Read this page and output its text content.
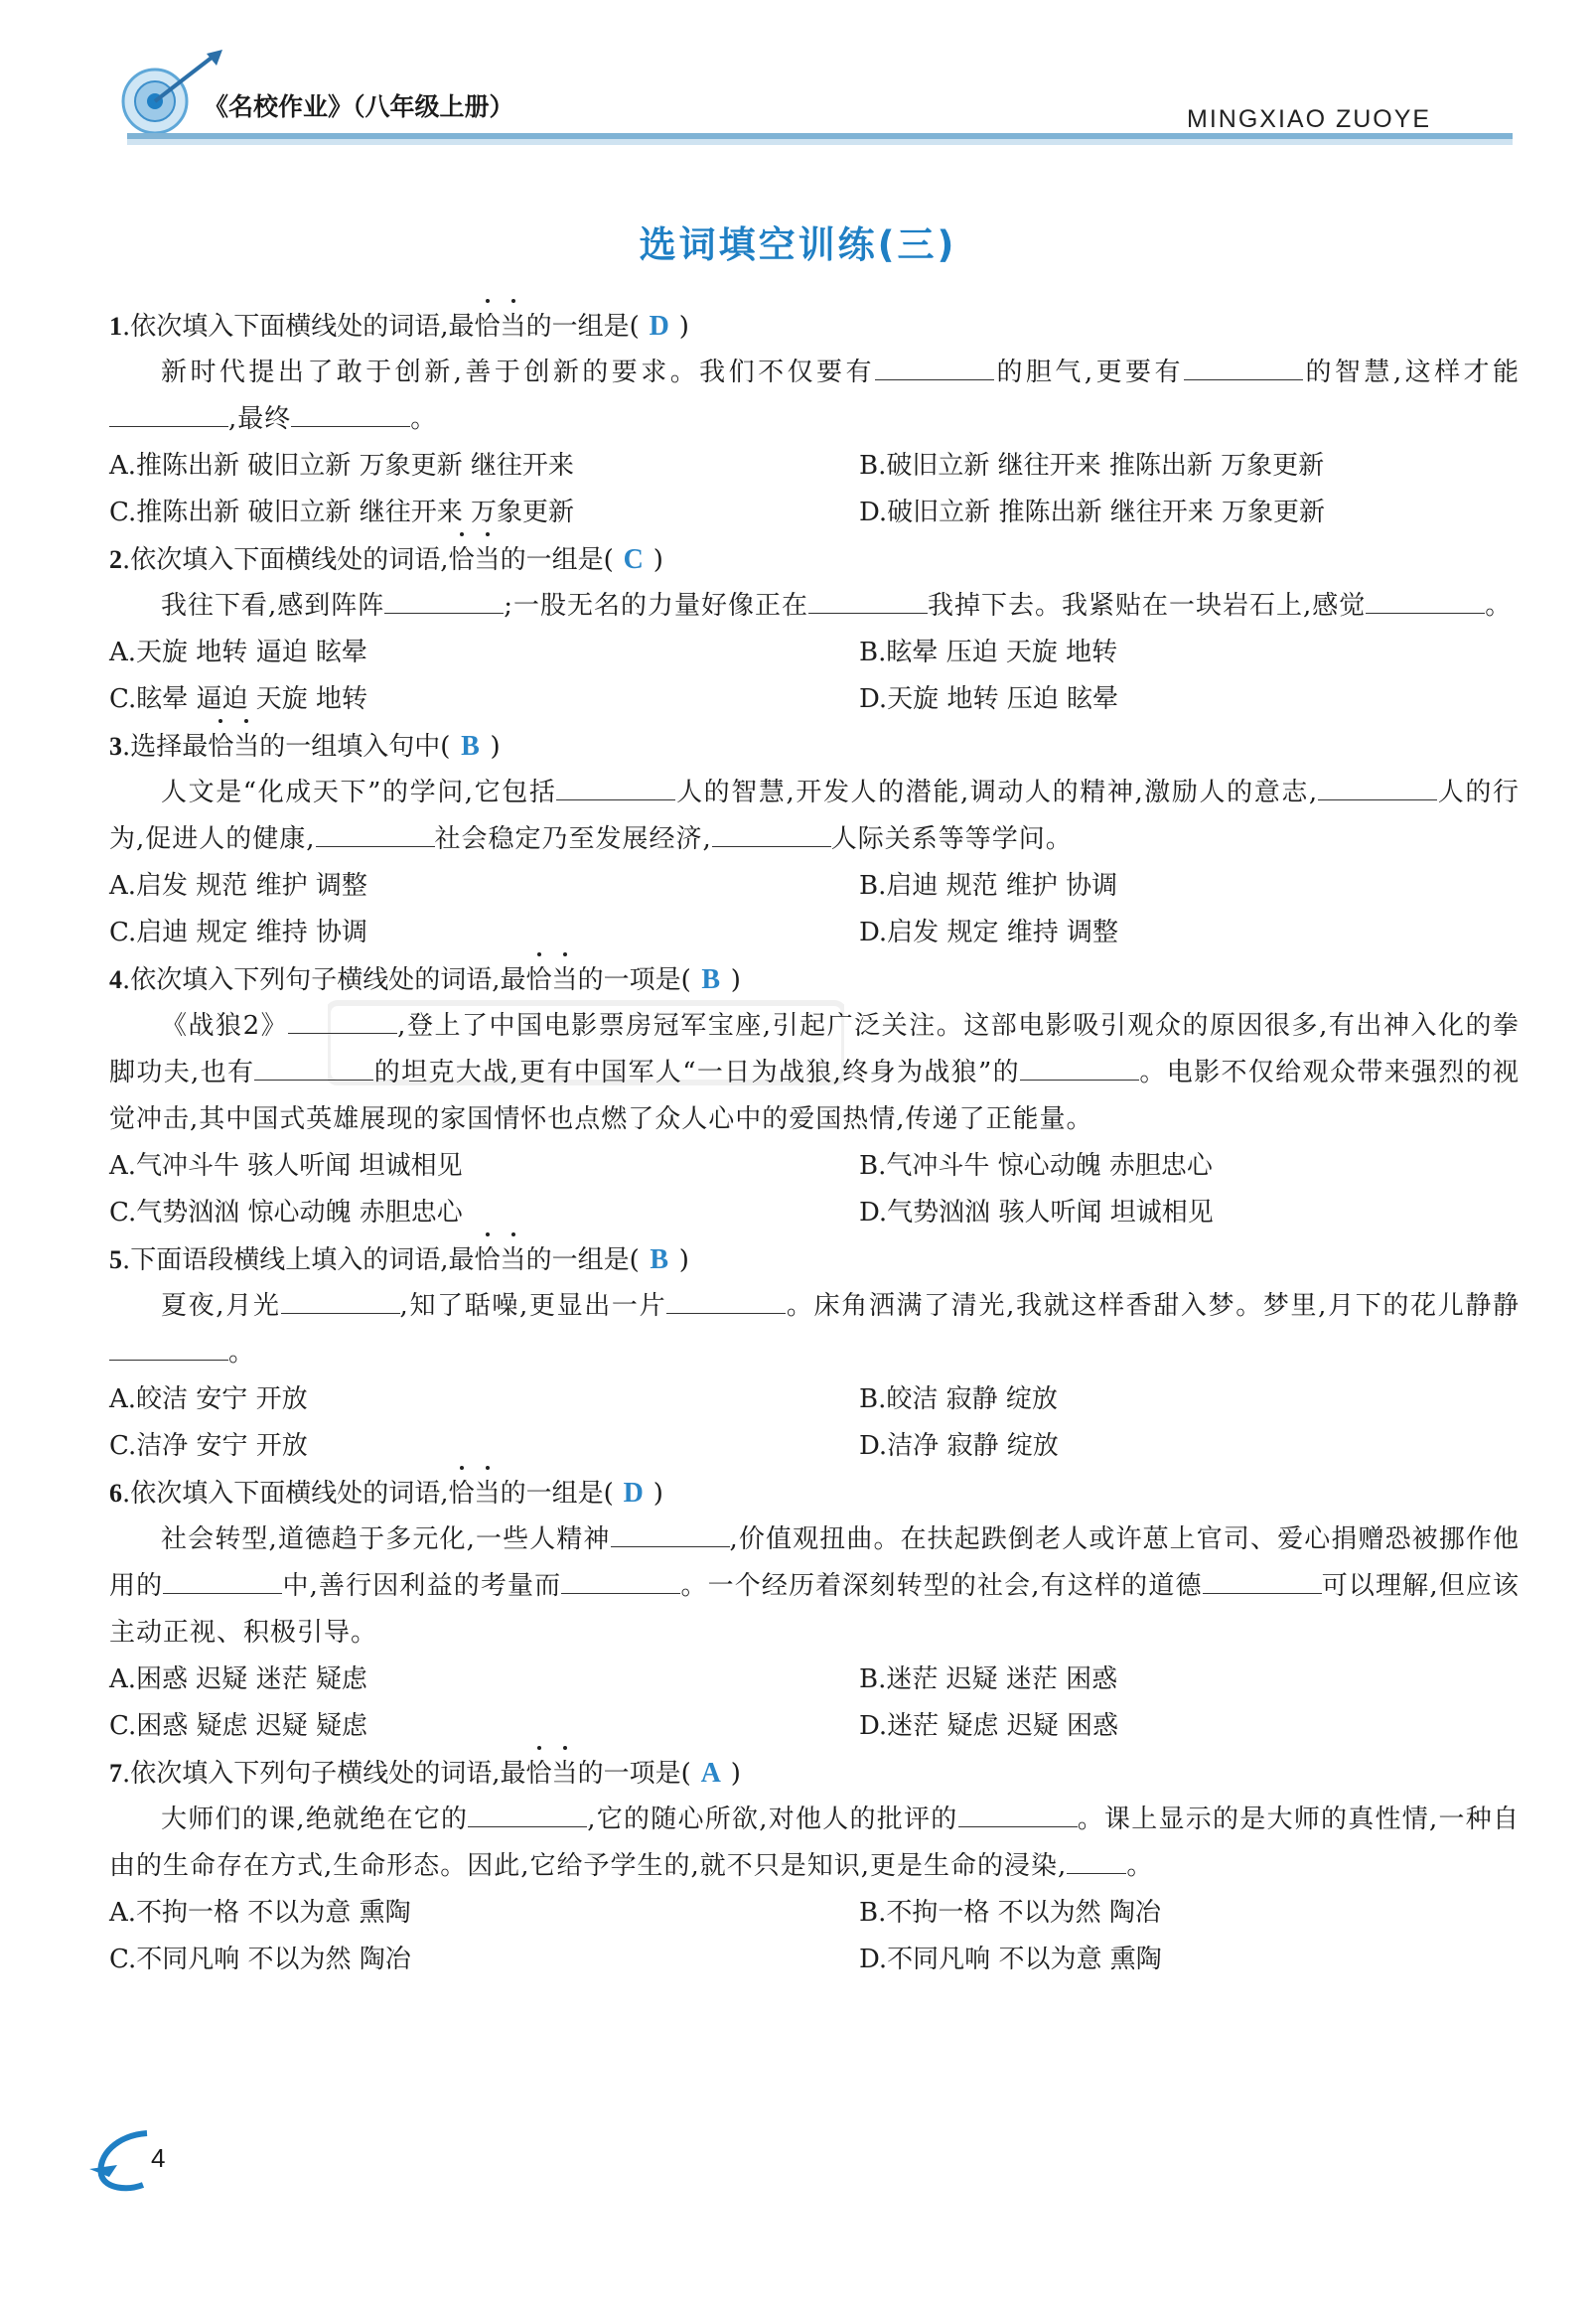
《名校作业》（八年级上册）	MINGXIAO ZUOYE
选词填空训练(三)
1.依次填入下面横线处的词语,最恰当的一组是( D )
新时代提出了敢于创新,善于创新的要求。我们不仅要有	的胆气,更要有	的智慧,这样才能,最终	。
A.推陈出新 破旧立新 万象更新 继往开来	B.破旧立新 继往开来 推陈出新 万象更新
C.推陈出新 破旧立新 继往开来 万象更新	D.破旧立新 推陈出新 继往开来 万象更新
2.依次填入下面横线处的词语,恰当的一组是( C )
我往下看,感到阵阵	;一股无名的力量好像正在	我掉下去。我紧贴在一块岩石上,感觉	。
A.天旋 地转 逼迫 眩晕	B.眩晕 压迫 天旋 地转
C.眩晕 逼迫 天旋 地转	D.天旋 地转 压迫 眩晕
3.选择最恰当的一组填入句中( B )
人文是“化成天下”的学问,它包括	人的智慧,开发人的潜能,调动人的精神,激励人的意志,	人的行为,促进人的健康,	社会稳定乃至发展经济,	人际关系等等学问。
A.启发 规范 维护 调整	B.启迪 规范 维护 协调
C.启迪 规定 维持 协调	D.启发 规定 维持 调整
4.依次填入下列句子横线处的词语,最恰当的一项是( B )
《战狼2》	,登上了中国电影票房冠军宝座,引起广泛关注。这部电影吸引观众的原因很多,有出神入化的拳脚功夫,也有	的坦克大战,更有中国军人“一日为战狼,终身为战狼”的	。电影不仅给观众带来强烈的视觉冲击,其中国式英雄展现的家国情怀也点燃了众人心中的爱国热情,传递了正能量。
A.气冲斗牛 骇人听闻 坦诚相见	B.气冲斗牛 惊心动魄 赤胆忠心
C.气势汹汹 惊心动魄 赤胆忠心	D.气势汹汹 骇人听闻 坦诚相见
5.下面语段横线上填入的词语,最恰当的一组是( B )
夏夜,月光	,知了聒噪,更显出一片	。床角洒满了清光,我就这样香甜入梦。梦里,月下的花儿静静。
A.皎洁 安宁 开放	B.皎洁 寂静 绽放
C.洁净 安宁 开放	D.洁净 寂静 绽放
6.依次填入下面横线处的词语,恰当的一组是( D )
社会转型,道德趋于多元化,一些人精神	,价值观扭曲。在扶起跌倒老人或许葸上官司、爱心捐赠恐被挪作他用的	中,善行因利益的考量而	。一个经历着深刻转型的社会,有这样的道德	可以理解,但应该主动正视、积极引导。
A.困惑 迟疑 迷茫 疑虑	B.迷茫 迟疑 迷茫 困惑
C.困惑 疑虑 迟疑 疑虑	D.迷茫 疑虑 迟疑 困惑
7.依次填入下列句子横线处的词语,最恰当的一项是( A )
大师们的课,绝就绝在它的	,它的随心所欲,对他人的批评的	。课上显示的是大师的真性情,一种自由的生命存在方式,生命形态。因此,它给予学生的,就不只是知识,更是生命的浸染, 。
A.不拘一格 不以为意 熏陶	B.不拘一格 不以为然 陶冶
C.不同凡响 不以为然 陶冶	D.不同凡响 不以为意 熏陶
4
